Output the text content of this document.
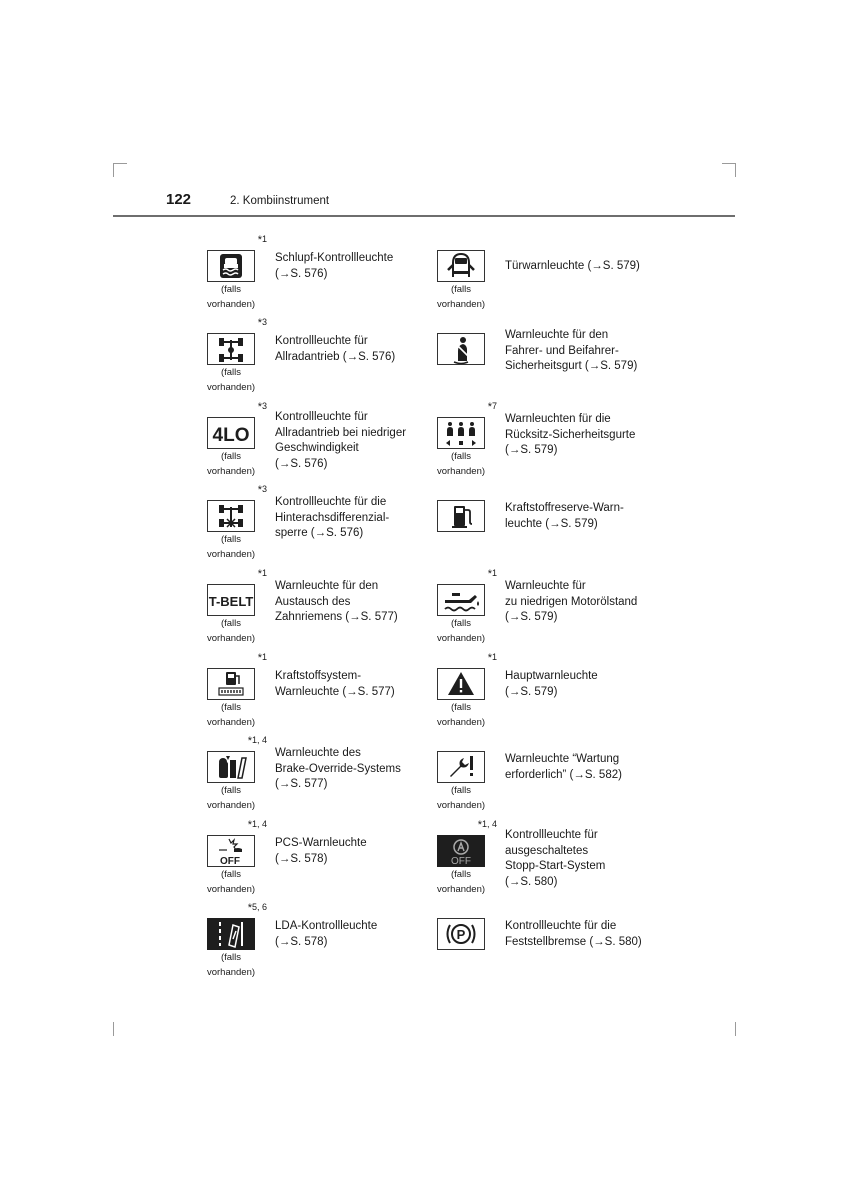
122	2. Kombiinstrument
*1
(falls
vorhanden)
Schlupf-Kontrollleuchte
(→S. 576)
*3
(falls
vorhanden)
Kontrollleuchte für
Allradantrieb (→S. 576)
4LO
*3
(falls
vorhanden)
Kontrollleuchte für
Allradantrieb bei niedriger
Geschwindigkeit
(→S. 576)
*3
(falls
vorhanden)
Kontrollleuchte für die
Hinterachsdifferenzial-
sperre (→S. 576)
T-BELT
*1
(falls
vorhanden)
Warnleuchte für den
Austausch des
Zahnriemens (→S. 577)
*1
(falls
vorhanden)
Kraftstoffsystem-
Warnleuchte (→S. 577)
*1, 4
(falls
vorhanden)
Warnleuchte des
Brake-Override-Systems
(→S. 577)
OFF
*1, 4
(falls
vorhanden)
PCS-Warnleuchte
(→S. 578)
*5, 6
(falls
vorhanden)
LDA-Kontrollleuchte
(→S. 578)
(falls
vorhanden)
Türwarnleuchte (→S. 579)
Warnleuchte für den
Fahrer- und Beifahrer-
Sicherheitsgurt (→S. 579)
*7
(falls
vorhanden)
Warnleuchten für die
Rücksitz-Sicherheitsgurte
(→S. 579)
Kraftstoffreserve-Warn-
leuchte (→S. 579)
*1
(falls
vorhanden)
Warnleuchte für
zu niedrigen Motorölstand
(→S. 579)
*1
(falls
vorhanden)
Hauptwarnleuchte
(→S. 579)
(falls
vorhanden)
Warnleuchte “Wartung
erforderlich” (→S. 582)
OFF
*1, 4
(falls
vorhanden)
Kontrollleuchte für
ausgeschaltetes
Stopp-Start-System
(→S. 580)
P
Kontrollleuchte für die
Feststellbremse (→S. 580)
